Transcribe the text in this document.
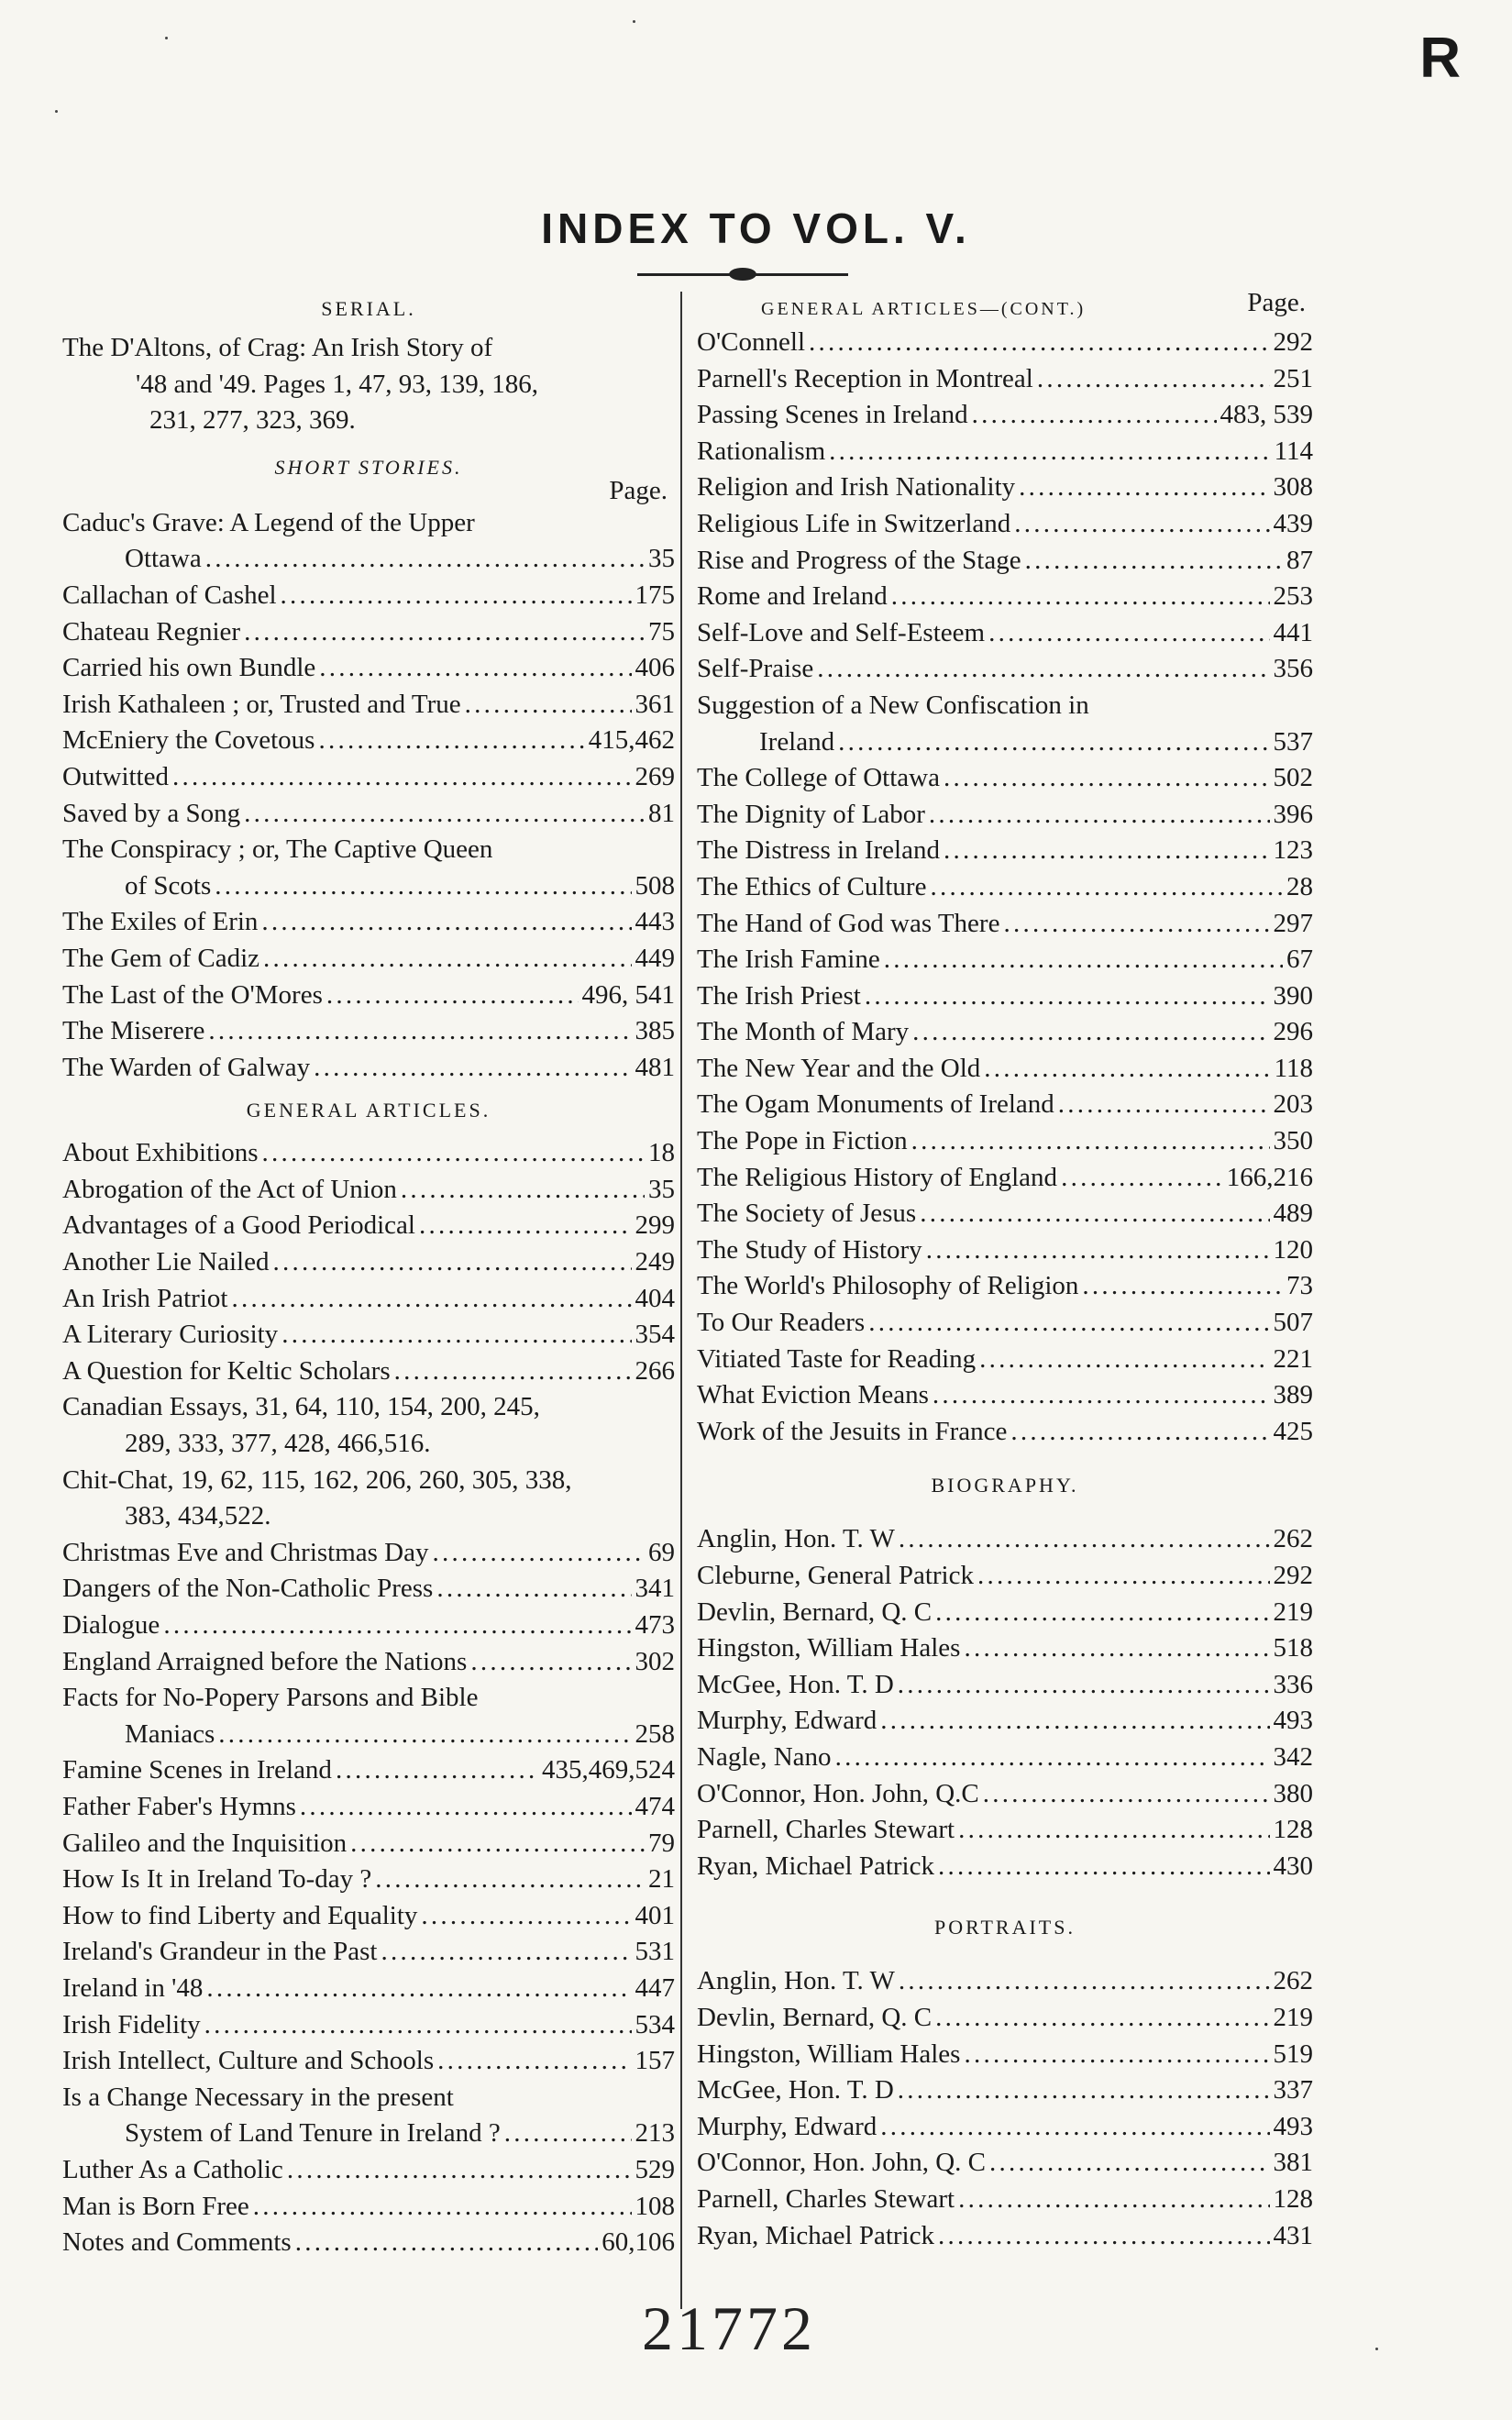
R
INDEX TO VOL. V.
SERIAL.
The D'Altons, of Crag: An Irish Story of
'48 and '49. Pages 1, 47, 93, 139, 186,
231, 277, 323, 369.
SHORT STORIES.
Page.
Caduc's Grave: A Legend of the Upper
Ottawa . . .	35
Callachan of Cashel . . .	175
Chateau Regnier . . .	75
Carried his own Bundle . . .	406
Irish Kathaleen ; or, Trusted and True . . .	361
McEniery the Covetous . . .	415,462
Outwitted . . .	269
Saved by a Song . . .	81
The Conspiracy ; or, The Captive Queen
of Scots . . .	508
The Exiles of Erin . . .	443
The Gem of Cadiz . . .	449
The Last of the O'Mores . . .	496, 541
The Miserere . . .	385
The Warden of Galway . . .	481
GENERAL ARTICLES.
About Exhibitions . . .	18
Abrogation of the Act of Union . . .	35
Advantages of a Good Periodical . . .	299
Another Lie Nailed . . .	249
An Irish Patriot . . .	404
A Literary Curiosity . . .	354
A Question for Keltic Scholars . . .	266
Canadian Essays, 31, 64, 110, 154, 200, 245,
289, 333, 377, 428, 466,516.
Chit-Chat, 19, 62, 115, 162, 206, 260, 305, 338,
383, 434,522.
Christmas Eve and Christmas Day . . .	69
Dangers of the Non-Catholic Press . . .	341
Dialogue . . .	473
England Arraigned before the Nations . . .	302
Facts for No-Popery Parsons and Bible
Maniacs . . .	258
Famine Scenes in Ireland . . .	435,469,524
Father Faber's Hymns . . .	474
Galileo and the Inquisition . . .	79
How Is It in Ireland To-day ? . . .	21
How to find Liberty and Equality . . .	401
Ireland's Grandeur in the Past . . .	531
Ireland in '48 . . .	447
Irish Fidelity . . .	534
Irish Intellect, Culture and Schools . . .	157
Is a Change Necessary in the present
System of Land Tenure in Ireland ? . . .	213
Luther As a Catholic . . .	529
Man is Born Free . . .	108
Notes and Comments . . .	60,106
GENERAL ARTICLES—(CONT.)	Page.
O'Connell . . .	292
Parnell's Reception in Montreal . . .	251
Passing Scenes in Ireland . . .	483, 539
Rationalism . . .	114
Religion and Irish Nationality . . .	308
Religious Life in Switzerland . . .	439
Rise and Progress of the Stage . . .	87
Rome and Ireland . . .	253
Self-Love and Self-Esteem . . .	441
Self-Praise . . .	356
Suggestion of a New Confiscation in
Ireland . . .	537
The College of Ottawa . . .	502
The Dignity of Labor . . .	396
The Distress in Ireland . . .	123
The Ethics of Culture . . .	28
The Hand of God was There . . .	297
The Irish Famine . . .	67
The Irish Priest . . .	390
The Month of Mary . . .	296
The New Year and the Old . . .	118
The Ogam Monuments of Ireland . . .	203
The Pope in Fiction . . .	350
The Religious History of England . . .	166,216
The Society of Jesus . . .	489
The Study of History . . .	120
The World's Philosophy of Religion . . .	73
To Our Readers . . .	507
Vitiated Taste for Reading . . .	221
What Eviction Means . . .	389
Work of the Jesuits in France . . .	425
BIOGRAPHY.
Anglin, Hon. T. W . . .	262
Cleburne, General Patrick . . .	292
Devlin, Bernard, Q. C . . .	219
Hingston, William Hales . . .	518
McGee, Hon. T. D . . .	336
Murphy, Edward . . .	493
Nagle, Nano . . .	342
O'Connor, Hon. John, Q.C . . .	380
Parnell, Charles Stewart . . .	128
Ryan, Michael Patrick . . .	430
PORTRAITS.
Anglin, Hon. T. W . . .	262
Devlin, Bernard, Q. C . . .	219
Hingston, William Hales . . .	519
McGee, Hon. T. D . . .	337
Murphy, Edward . . .	493
O'Connor, Hon. John, Q. C . . .	381
Parnell, Charles Stewart . . .	128
Ryan, Michael Patrick . . .	431
21772
